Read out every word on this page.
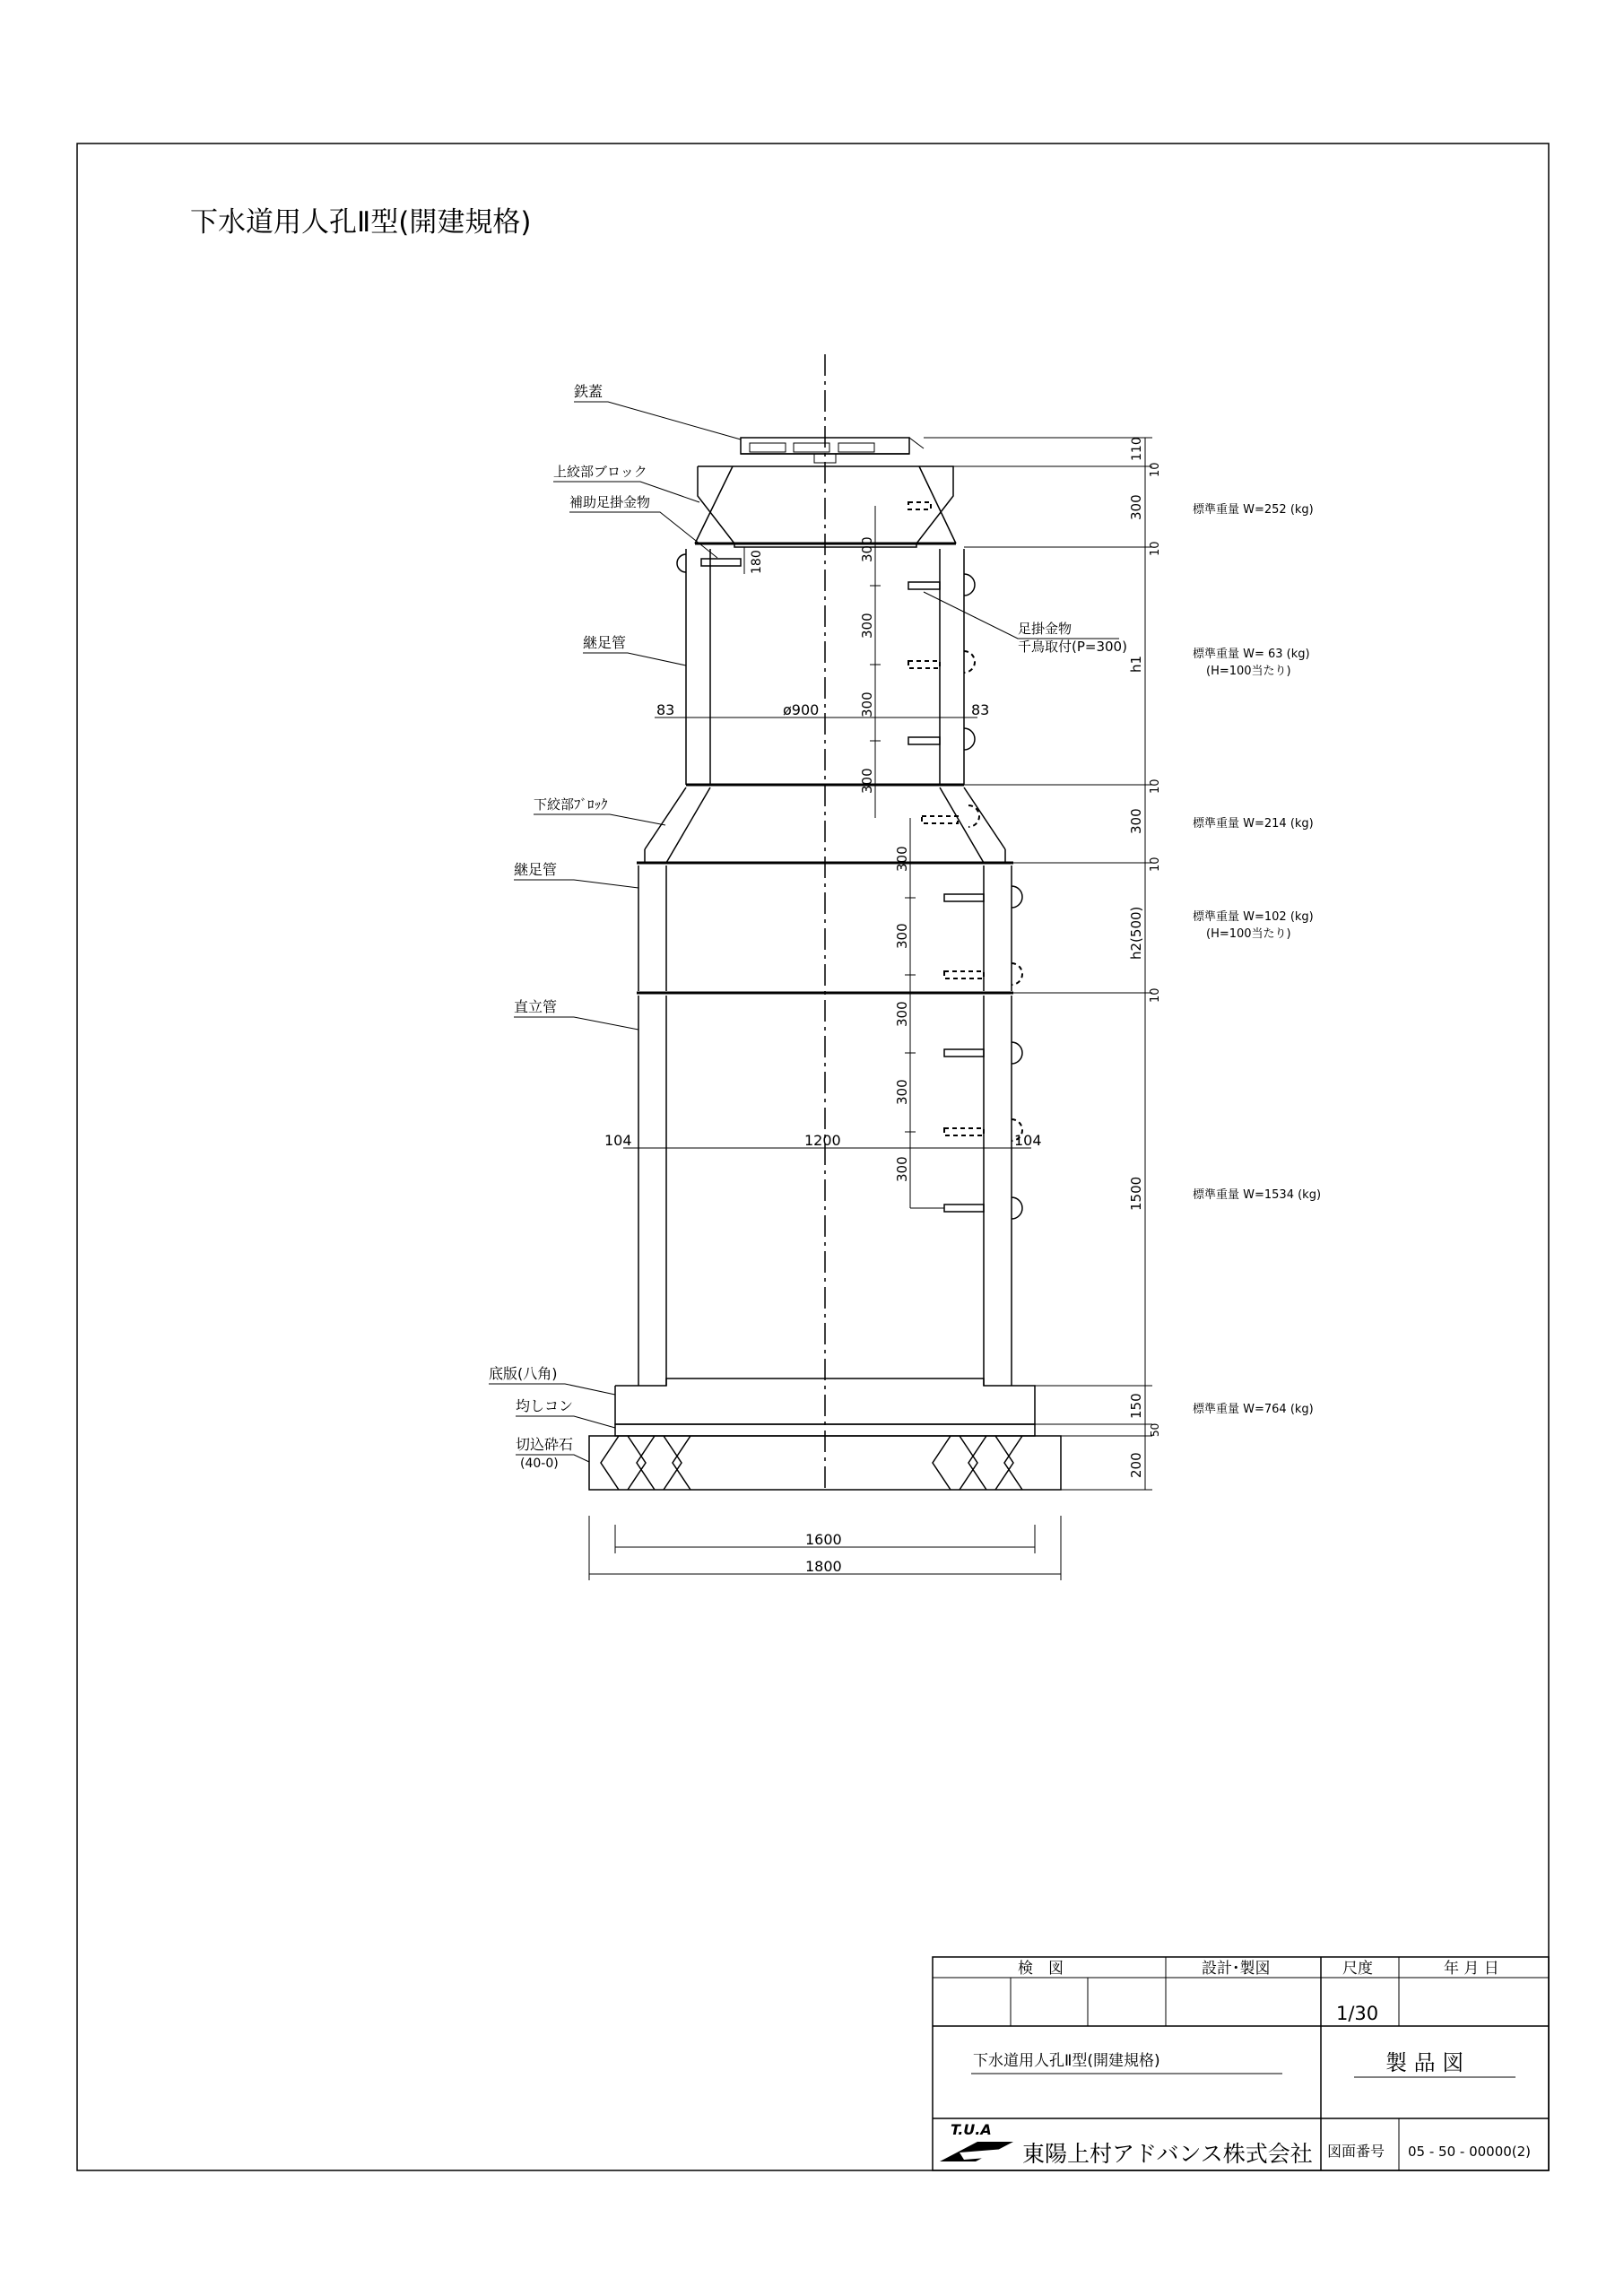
下水道用人孔Ⅱ型(開建規格)
300
300
300
300
300
300
300
300
300
180
83	ø900	83
104	1200	104
1600
1800
110
10
300
10
h1
10
300
10
h2(500)
10
1500
150
50
200
標準重量 W=252 (kg)
標準重量 W= 63 (kg)
(H=100当たり)
標準重量 W=214 (kg)
標準重量 W=102 (kg)
(H=100当たり)
標準重量 W=1534 (kg)
標準重量 W=764 (kg)
鉄蓋
上絞部ブロック
補助足掛金物
継足管
下絞部ﾌﾞﾛｯｸ
継足管
直立管
底版(八角)
均しコン
切込砕石
(40-0)
足掛金物
千鳥取付(P=300)
検　図	設計･製図	尺度	年 月 日
1/30
下水道用人孔Ⅱ型(開建規格)	製 品 図
T.U.A
東陽上村アドバンス株式会社 図面番号 05 - 50 - 00000(2)
